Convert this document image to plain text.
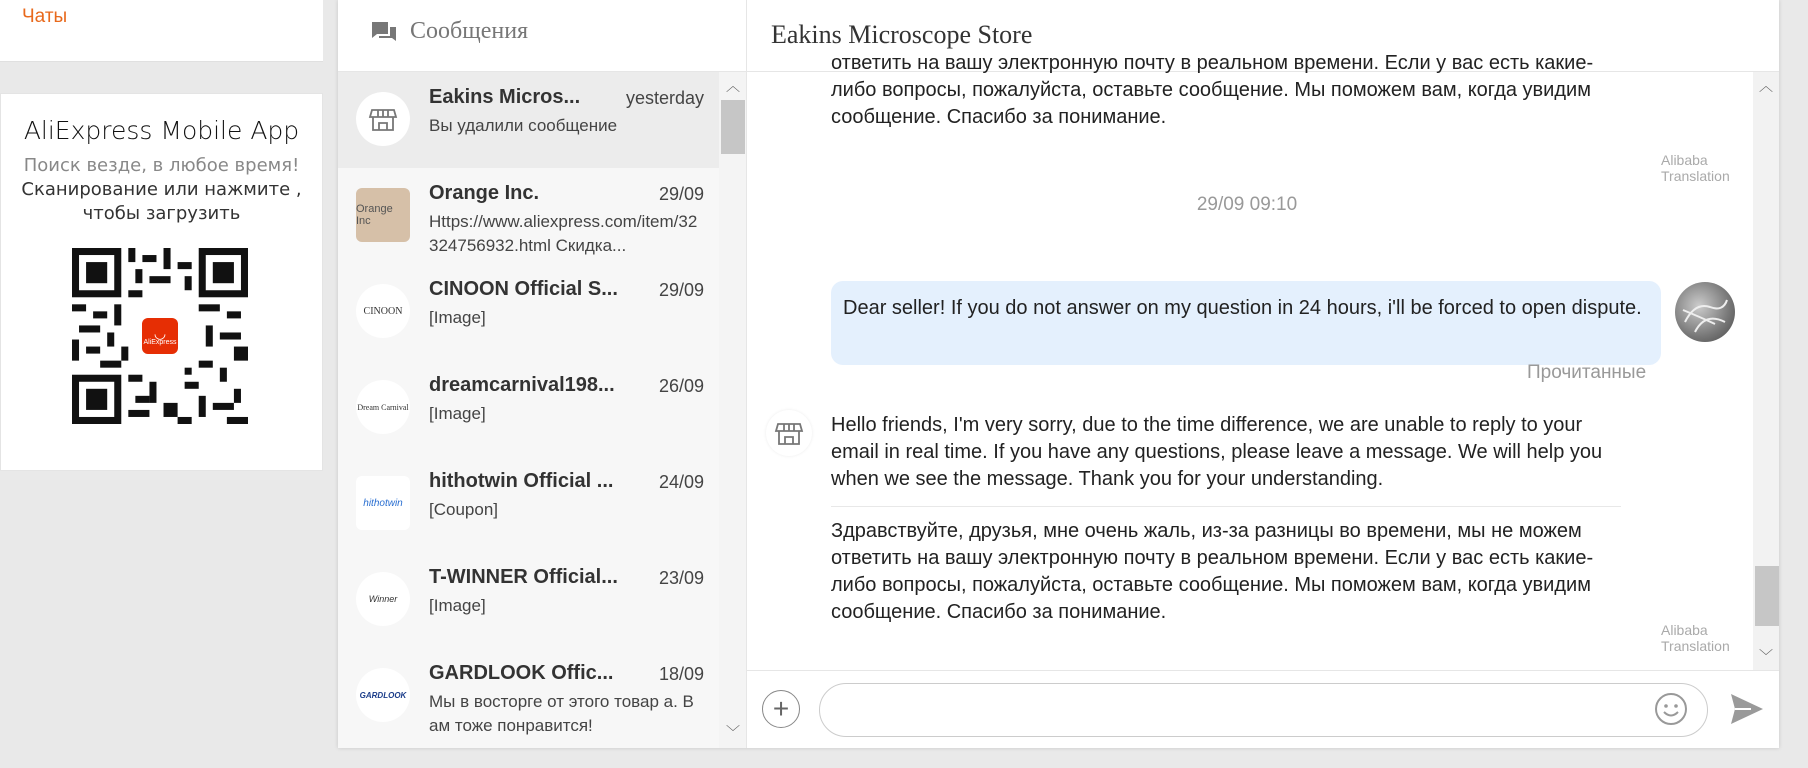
Чаты
AliExpress Mobile App
Поиск везде, в любое время!
Сканирование или нажмите , чтобы загрузить
◡
AliExpress
Сообщения
Eakins Micros...	yesterday
Вы удалили сообщение
Orange Inc
Orange Inc.	29/09
Https://www.aliexpress.com/item/32324756932.html Скидка...
CINOON
CINOON Official S...	29/09
[Image]
Dream Carnival
dreamcarnival198...	26/09
[Image]
hithotwin
hithotwin Official ...	24/09
[Coupon]
Winner
T-WINNER Official...	23/09
[Image]
GARDLOOK
GARDLOOK Offic...	18/09
Мы в восторге от этого товар а. Вам тоже понравится!
︿
﹀
Eakins Microscope Store
ответить на вашу электронную почту в реальном времени. Если у вас есть какие-либо вопросы, пожалуйста, оставьте сообщение. Мы поможем вам, когда увидим сообщение. Спасибо за понимание.
Alibaba Translation
29/09 09:10
Dear seller! If you do not answer on my question in 24 hours, i'll be forced to open dispute.
Прочитанные
Hello friends, I'm very sorry, due to the time difference, we are unable to reply to your email in real time. If you have any questions, please leave a message. We will help you when we see the message. Thank you for your understanding.
Здравствуйте, друзья, мне очень жаль, из-за разницы во времени, мы не можем ответить на вашу электронную почту в реальном времени. Если у вас есть какие-либо вопросы, пожалуйста, оставьте сообщение. Мы поможем вам, когда увидим сообщение. Спасибо за понимание.
Alibaba Translation
︿
﹀
+
